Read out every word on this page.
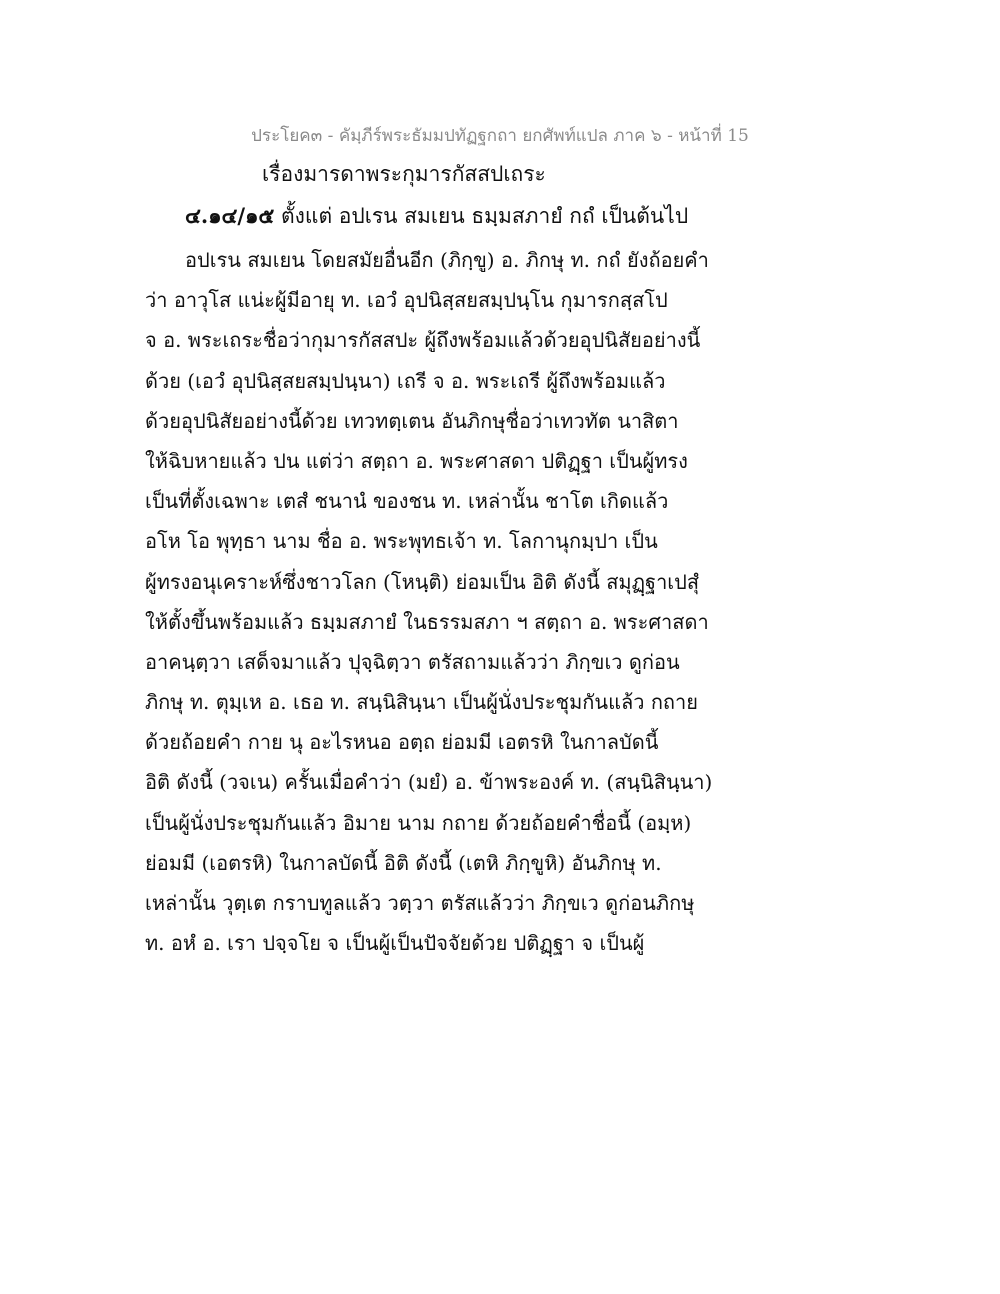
ประโยค๓ - คัมฺภีร์พระธัมมปทัฏฐกถา ยกศัพท์แปล ภาค ๖ - หน้าที่ 15
เรื่องมารดาพระกุมารกัสสปเถระ
๔.๑๔/๑๕ ตั้งแต่ อปเรน สมเยน ธมฺมสภายํ กถํ เป็นต้นไป
อปเรน สมเยน โดยสมัยอื่นอีก (ภิกฺขู) อ. ภิกษุ ท. กถํ ยังถ้อยคำ
ว่า อาวุโส แน่ะผู้มีอายุ ท. เอวํ อุปนิสฺสยสมฺปนฺโน กุมารกสฺสโป
จ อ. พระเถระชื่อว่ากุมารกัสสปะ ผู้ถึงพร้อมแล้วด้วยอุปนิสัยอย่างนี้
ด้วย (เอวํ อุปนิสฺสยสมฺปนฺนา) เถรี จ อ. พระเถรี ผู้ถึงพร้อมแล้ว
ด้วยอุปนิสัยอย่างนี้ด้วย เทวทตฺเตน อันภิกษุชื่อว่าเทวทัต นาสิตา
ให้ฉิบหายแล้ว ปน แต่ว่า สตฺถา อ. พระศาสดา ปติฏฺฐา เป็นผู้ทรง
เป็นที่ตั้งเฉพาะ เตสํ ชนานํ ของชน ท. เหล่านั้น ชาโต เกิดแล้ว
อโห โอ พุทฺธา นาม ชื่อ อ. พระพุทธเจ้า ท. โลกานุกมฺปา เป็น
ผู้ทรงอนุเคราะห์ซึ่งชาวโลก (โหนฺติ) ย่อมเป็น อิติ ดังนี้ สมุฏฺฐาเปสุํ
ให้ตั้งขึ้นพร้อมแล้ว ธมฺมสภายํ ในธรรมสภา ฯ สตฺถา อ. พระศาสดา
อาคนฺตฺวา เสด็จมาแล้ว ปุจฺฉิตฺวา ตรัสถามแล้วว่า ภิกฺขเว ดูก่อน
ภิกษุ ท. ตุมฺเห อ. เธอ ท. สนฺนิสินฺนา เป็นผู้นั่งประชุมกันแล้ว กถาย
ด้วยถ้อยคำ กาย นุ อะไรหนอ อตฺถ ย่อมมี เอตรหิ ในกาลบัดนี้
อิติ ดังนี้ (วจเน) ครั้นเมื่อคำว่า (มยํ) อ. ข้าพระองค์ ท. (สนฺนิสินฺนา)
เป็นผู้นั่งประชุมกันแล้ว อิมาย นาม กถาย ด้วยถ้อยคำชื่อนี้ (อมฺห)
ย่อมมี (เอตรหิ) ในกาลบัดนี้ อิติ ดังนี้ (เตหิ ภิกฺขูหิ) อันภิกษุ ท.
เหล่านั้น วุตฺเต กราบทูลแล้ว วตฺวา ตรัสแล้วว่า ภิกฺขเว ดูก่อนภิกษุ
ท. อหํ อ. เรา ปจฺจโย จ เป็นผู้เป็นปัจจัยด้วย ปติฏฺฐา จ เป็นผู้
